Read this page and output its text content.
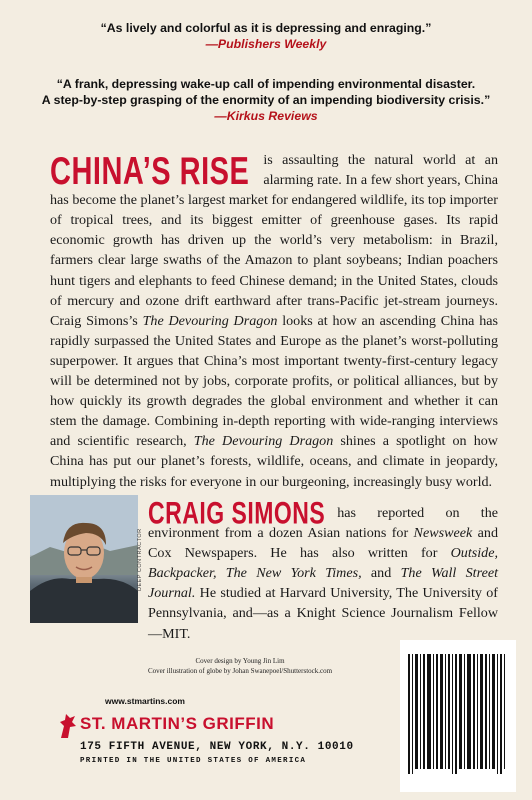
“As lively and colorful as it is depressing and enraging.”
—Publishers Weekly
“A frank, depressing wake-up call of impending environmental disaster.
A step-by-step grasping of the enormity of an impending biodiversity crisis.”
—Kirkus Reviews
CHINA’S RISE is assaulting the natural world at an alarming rate. In a few short years, China has become the planet’s largest market for endangered wildlife, its top importer of tropical trees, and its biggest emitter of greenhouse gases. Its rapid economic growth has driven up the world’s very metabolism: in Brazil, farmers clear large swaths of the Amazon to plant soybeans; Indian poachers hunt tigers and elephants to feed Chinese demand; in the United States, clouds of mercury and ozone drift earthward after trans-Pacific jet-stream journeys. Craig Simons’s The Devouring Dragon looks at how an ascending China has rapidly surpassed the United States and Europe as the planet’s worst-polluting superpower. It argues that China’s most important twenty-first-century legacy will be determined not by jobs, corporate profits, or political alliances, but by how quickly its growth degrades the global environment and whether it can stem the damage. Combining in-depth reporting with wide-ranging interviews and scientific research, The Devouring Dragon shines a spotlight on how China has put our planet’s forests, wildlife, oceans, and climate in jeopardy, multiplying the risks for everyone in our burgeoning, increasingly busy world.
DEEP CONTRACTOR
CRAIG SIMONS has reported on the environment from a dozen Asian nations for Newsweek and Cox Newspapers. He has also written for Outside, Backpacker, The New York Times, and The Wall Street Journal. He studied at Harvard University, The University of Pennsylvania, and—as a Knight Science Journalism Fellow—MIT.
Cover design by Young Jin Lim
Cover illustration of globe by Johan Swanepoel/Shutterstock.com
www.stmartins.com
ST. MARTIN’S GRIFFIN
175 FIFTH AVENUE, NEW YORK, N.Y. 10010
PRINTED IN THE UNITED STATES OF AMERICA
